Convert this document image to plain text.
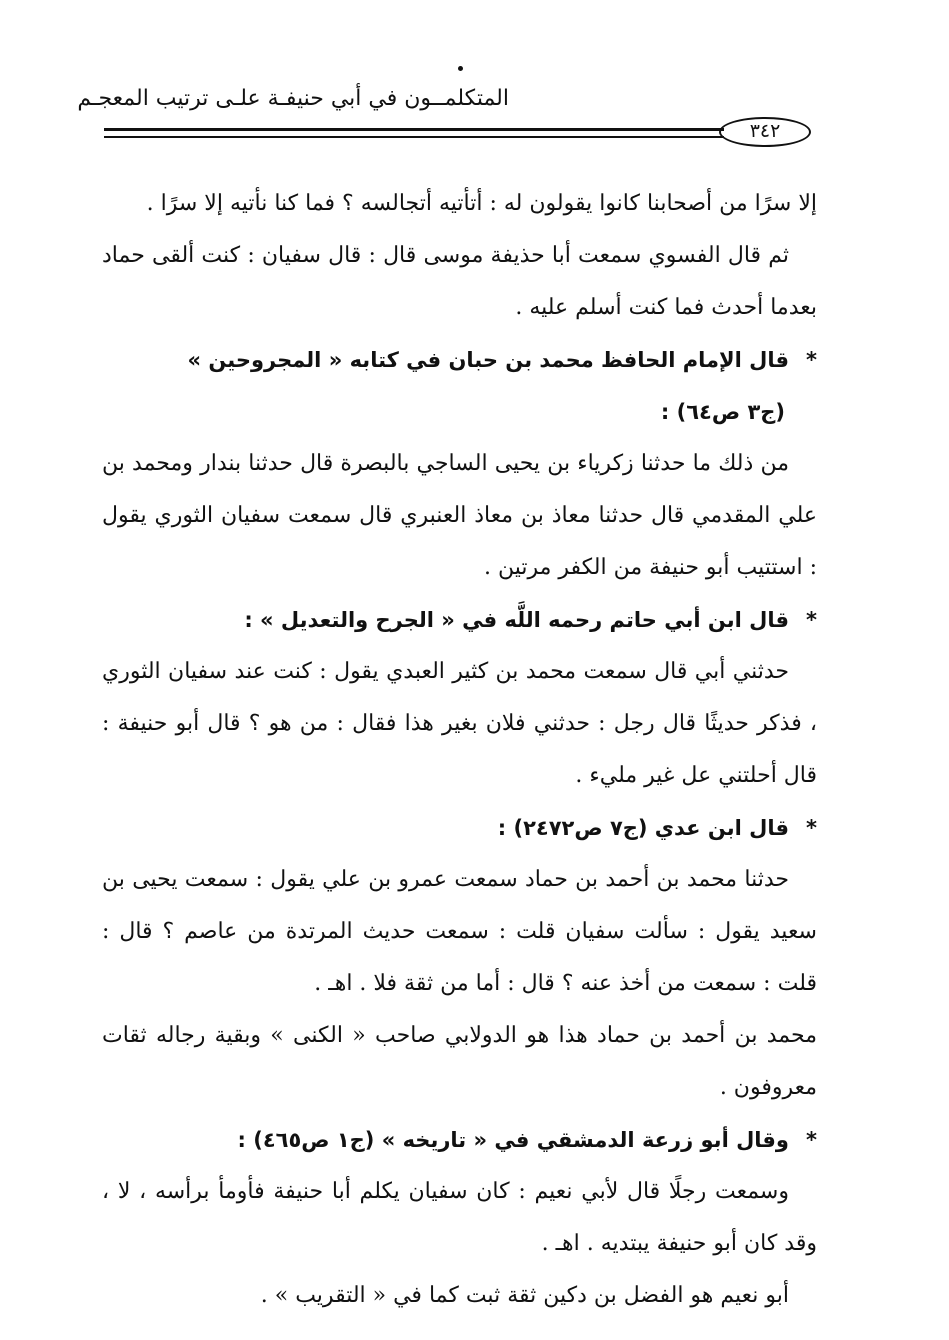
المتكلمــون في أبي حنيفـة علـى ترتيب المعجـم
٣٤٢

إلا سرًا من أصحابنا كانوا يقولون له : أتأتيه أتجالسه ؟ فما كنا نأتيه إلا سرًا .

ثم قال الفسوي سمعت أبا حذيفة موسى قال : قال سفيان : كنت ألقى حماد بعدما أحدث فما كنت أسلم عليه .

*قال الإمام الحافظ محمد بن حبان في كتابه « المجروحين »

(ج٣ ص٦٤) :

من ذلك ما حدثنا زكرياء بن يحيى الساجي بالبصرة قال حدثنا بندار ومحمد بن علي المقدمي قال حدثنا معاذ بن معاذ العنبري قال سمعت سفيان الثوري يقول : استتيب أبو حنيفة من الكفر مرتين .

*قال ابن أبي حاتم رحمه اللَّه في « الجرح والتعديل » :

حدثني أبي قال سمعت محمد بن كثير العبدي يقول : كنت عند سفيان الثوري ، فذكر حديثًا قال رجل : حدثني فلان بغير هذا فقال : من هو ؟ قال أبو حنيفة : قال أحلتني عل غير مليء .

*قال ابن عدي (ج٧ ص٢٤٧٢) :

حدثنا محمد بن أحمد بن حماد سمعت عمرو بن علي يقول : سمعت يحيى بن سعيد يقول : سألت سفيان قلت : سمعت حديث المرتدة من عاصم ؟ قال : قلت : سمعت من أخذ عنه ؟ قال : أما من ثقة فلا . اهـ .

محمد بن أحمد بن حماد هذا هو الدولابي صاحب « الكنى » وبقية رجاله ثقات معروفون .

*وقال أبو زرعة الدمشقي في « تاريخه » (ج١ ص٤٦٥) :

وسمعت رجلًا قال لأبي نعيم : كان سفيان يكلم أبا حنيفة فأومأ برأسه ، لا ، وقد كان أبو حنيفة يبتديه . اهـ .

أبو نعيم هو الفضل بن دكين ثقة ثبت كما في « التقريب » .
